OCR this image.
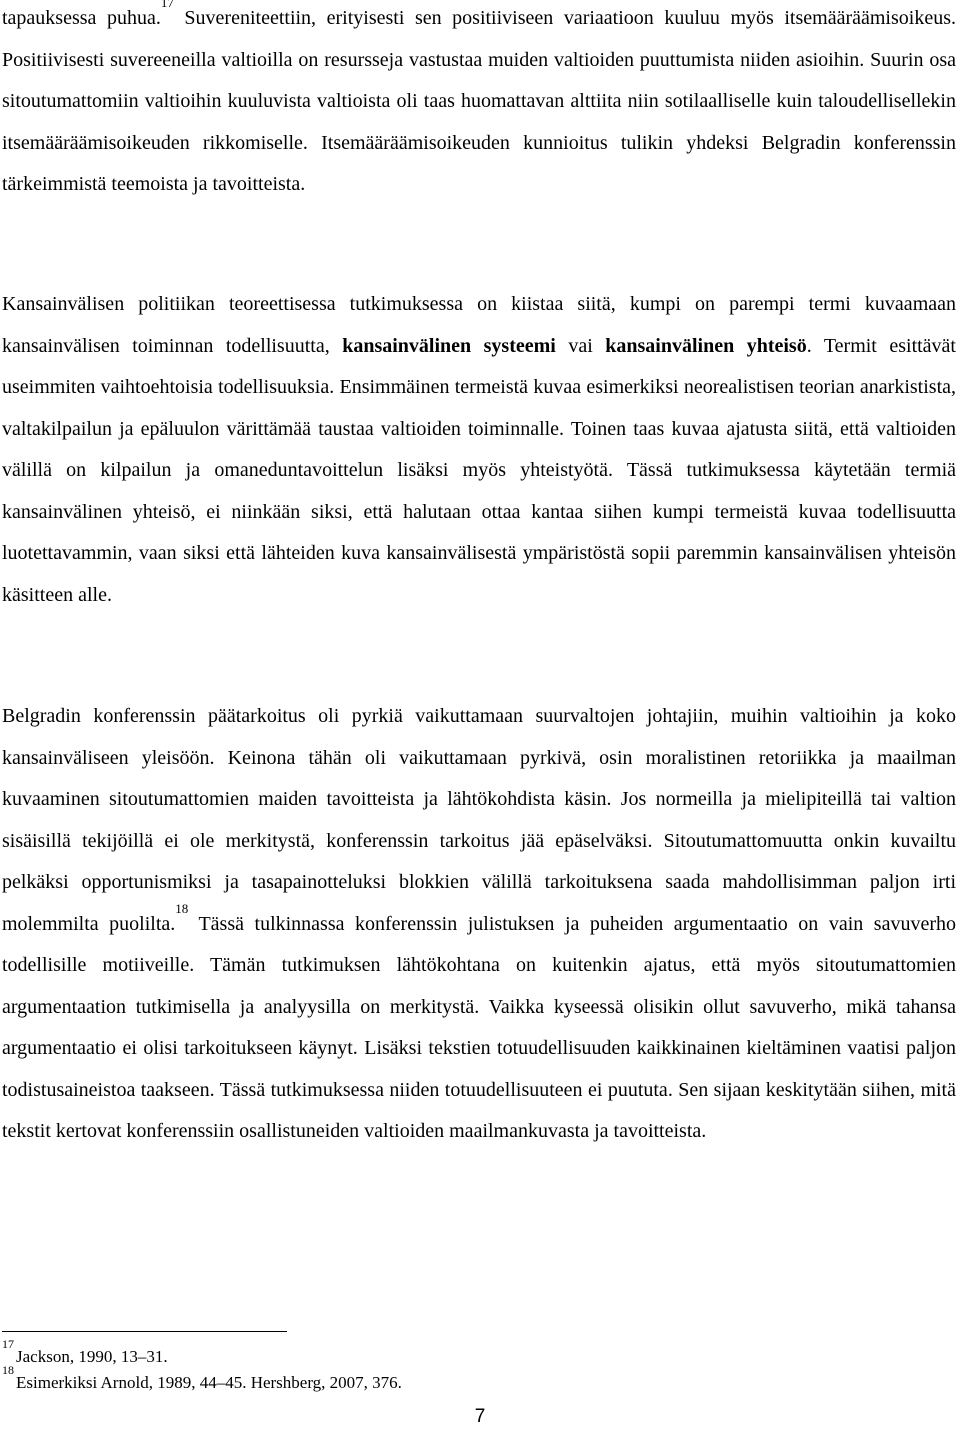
tapauksessa puhua.$^{17}$ Suvereniteettiin, erityisesti sen positiiviseen variaatioon kuuluu myös itsemääräämisoikeus. Positiivisesti suvereeneilla valtioilla on resursseja vastustaa muiden valtioiden puuttumista niiden asioihin. Suurin osa sitoutumattomiin valtioihin kuuluvista valtioista oli taas huomattavan alttiita niin sotilaalliselle kuin taloudellisellekin itsemääräämisoikeuden rikkomiselle. Itsemääräämisoikeuden kunnioitus tulikin yhdeksi Belgradin konferenssin tärkeimmistä teemoista ja tavoitteista.

Kansainvälisen politiikan teoreettisessa tutkimuksessa on kiistaa siitä, kumpi on parempi termi kuvaamaan kansainvälisen toiminnan todellisuutta, kansainvälinen systeemi vai kansainvälinen yhteisö. Termit esittävät useimmiten vaihtoehtoisia todellisuuksia. Ensimmäinen termeistä kuvaa esimerkiksi neorealistisen teorian anarkistista, valtakilpailun ja epäluulon värittämää taustaa valtioiden toiminnalle. Toinen taas kuvaa ajatusta siitä, että valtioiden välillä on kilpailun ja omaneduntavoittelun lisäksi myös yhteistyötä. Tässä tutkimuksessa käytetään termiä kansainvälinen yhteisö, ei niinkään siksi, että halutaan ottaa kantaa siihen kumpi termeistä kuvaa todellisuutta luotettavammin, vaan siksi että lähteiden kuva kansainvälisestä ympäristöstä sopii paremmin kansainvälisen yhteisön käsitteen alle.

Belgradin konferenssin päätarkoitus oli pyrkiä vaikuttamaan suurvaltojen johtajiin, muihin valtioihin ja koko kansainväliseen yleisöön. Keinona tähän oli vaikuttamaan pyrkivä, osin moralistinen retoriikka ja maailman kuvaaminen sitoutumattomien maiden tavoitteista ja lähtökohdista käsin. Jos normeilla ja mielipiteillä tai valtion sisäisillä tekijöillä ei ole merkitystä, konferenssin tarkoitus jää epäselväksi. Sitoutumattomuutta onkin kuvailtu pelkäksi opportunismiksi ja tasapainotteluksi blokkien välillä tarkoituksena saada mahdollisimman paljon irti molemmilta puolilta.$^{18}$ Tässä tulkinnassa konferenssin julistuksen ja puheiden argumentaatio on vain savuverho todellisille motiiveille. Tämän tutkimuksen lähtökohtana on kuitenkin ajatus, että myös sitoutumattomien argumentaation tutkimisella ja analyysilla on merkitystä. Vaikka kyseessä olisikin ollut savuverho, mikä tahansa argumentaatio ei olisi tarkoitukseen käynyt. Lisäksi tekstien totuudellisuuden kaikkinainen kieltäminen vaatisi paljon todistusaineistoa taakseen. Tässä tutkimuksessa niiden totuudellisuuteen ei puututa. Sen sijaan keskitytään siihen, mitä tekstit kertovat konferenssiin osallistuneiden valtioiden maailmankuvasta ja tavoitteista.

$^{17}$Jackson, 1990, 13–31.

$^{18}$Esimerkiksi Arnold, 1989, 44–45. Hershberg, 2007, 376.

7
